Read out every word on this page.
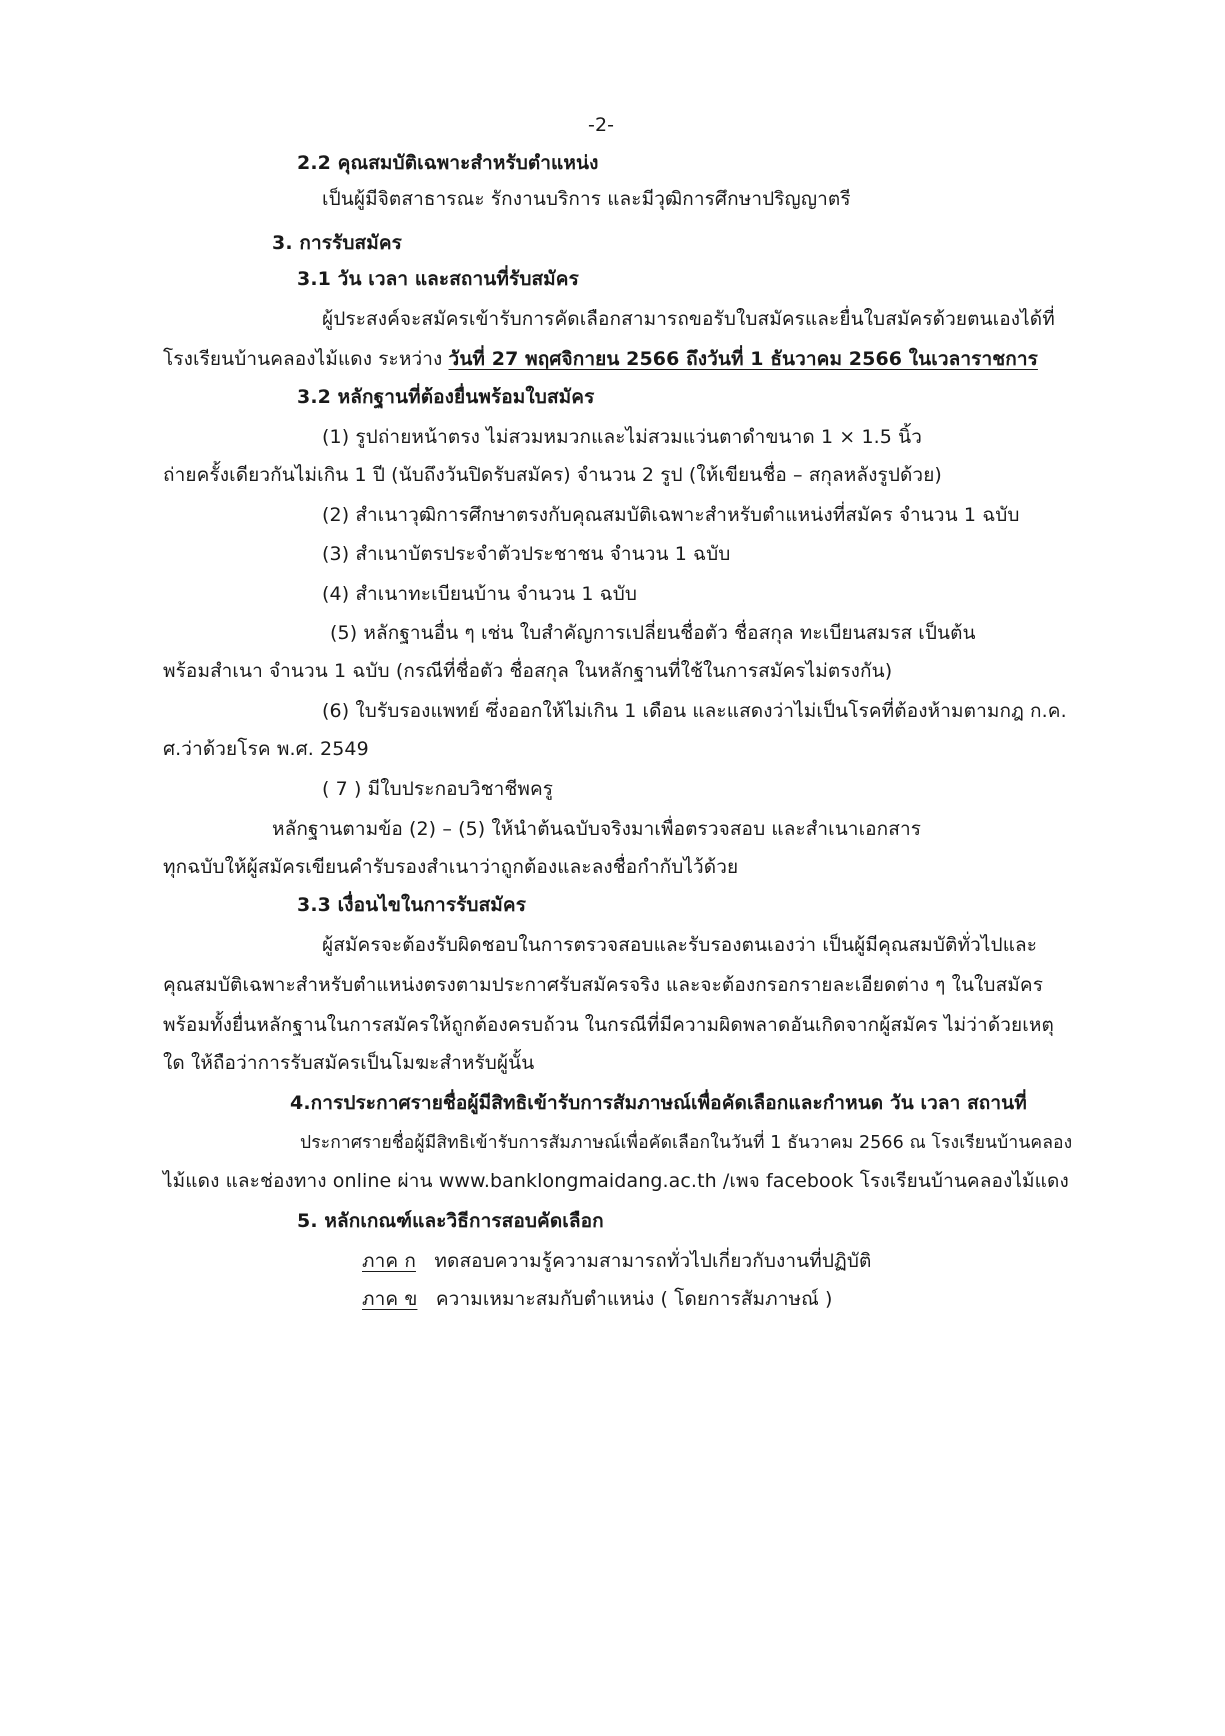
-2-
2.2 คุณสมบัติเฉพาะสำหรับตำแหน่ง
เป็นผู้มีจิตสาธารณะ รักงานบริการ และมีวุฒิการศึกษาปริญญาตรี
3. การรับสมัคร
3.1 วัน เวลา และสถานที่รับสมัคร
ผู้ประสงค์จะสมัครเข้ารับการคัดเลือกสามารถขอรับใบสมัครและยื่นใบสมัครด้วยตนเองได้ที่
โรงเรียนบ้านคลองไม้แดง ระหว่าง วันที่ 27 พฤศจิกายน 2566 ถึงวันที่ 1 ธันวาคม 2566 ในเวลาราชการ
3.2 หลักฐานที่ต้องยื่นพร้อมใบสมัคร
(1) รูปถ่ายหน้าตรง ไม่สวมหมวกและไม่สวมแว่นตาดำขนาด 1 × 1.5 นิ้ว
ถ่ายครั้งเดียวกันไม่เกิน 1 ปี (นับถึงวันปิดรับสมัคร) จำนวน 2 รูป (ให้เขียนชื่อ – สกุลหลังรูปด้วย)
(2) สำเนาวุฒิการศึกษาตรงกับคุณสมบัติเฉพาะสำหรับตำแหน่งที่สมัคร จำนวน 1 ฉบับ
(3) สำเนาบัตรประจำตัวประชาชน จำนวน 1 ฉบับ
(4) สำเนาทะเบียนบ้าน จำนวน 1 ฉบับ
(5) หลักฐานอื่น ๆ เช่น ใบสำคัญการเปลี่ยนชื่อตัว ชื่อสกุล ทะเบียนสมรส เป็นต้น
พร้อมสำเนา จำนวน 1 ฉบับ (กรณีที่ชื่อตัว ชื่อสกุล ในหลักฐานที่ใช้ในการสมัครไม่ตรงกัน)
(6) ใบรับรองแพทย์ ซึ่งออกให้ไม่เกิน 1 เดือน และแสดงว่าไม่เป็นโรคที่ต้องห้ามตามกฎ ก.ค.
ศ.ว่าด้วยโรค พ.ศ. 2549
( 7 ) มีใบประกอบวิชาชีพครู
หลักฐานตามข้อ (2) – (5) ให้นำต้นฉบับจริงมาเพื่อตรวจสอบ และสำเนาเอกสาร
ทุกฉบับให้ผู้สมัครเขียนคำรับรองสำเนาว่าถูกต้องและลงชื่อกำกับไว้ด้วย
3.3 เงื่อนไขในการรับสมัคร
ผู้สมัครจะต้องรับผิดชอบในการตรวจสอบและรับรองตนเองว่า เป็นผู้มีคุณสมบัติทั่วไปและ
คุณสมบัติเฉพาะสำหรับตำแหน่งตรงตามประกาศรับสมัครจริง และจะต้องกรอกรายละเอียดต่าง ๆ ในใบสมัคร
พร้อมทั้งยื่นหลักฐานในการสมัครให้ถูกต้องครบถ้วน ในกรณีที่มีความผิดพลาดอันเกิดจากผู้สมัคร ไม่ว่าด้วยเหตุ
ใด ให้ถือว่าการรับสมัครเป็นโมฆะสำหรับผู้นั้น
4.การประกาศรายชื่อผู้มีสิทธิเข้ารับการสัมภาษณ์เพื่อคัดเลือกและกำหนด วัน เวลา สถานที่
ประกาศรายชื่อผู้มีสิทธิเข้ารับการสัมภาษณ์เพื่อคัดเลือกในวันที่ 1 ธันวาคม 2566 ณ โรงเรียนบ้านคลอง
ไม้แดง และช่องทาง online ผ่าน www.banklongmaidang.ac.th /เพจ facebook โรงเรียนบ้านคลองไม้แดง
5. หลักเกณฑ์และวิธีการสอบคัดเลือก
ภาค ก ทดสอบความรู้ความสามารถทั่วไปเกี่ยวกับงานที่ปฏิบัติ
ภาค ข ความเหมาะสมกับตำแหน่ง ( โดยการสัมภาษณ์ )
